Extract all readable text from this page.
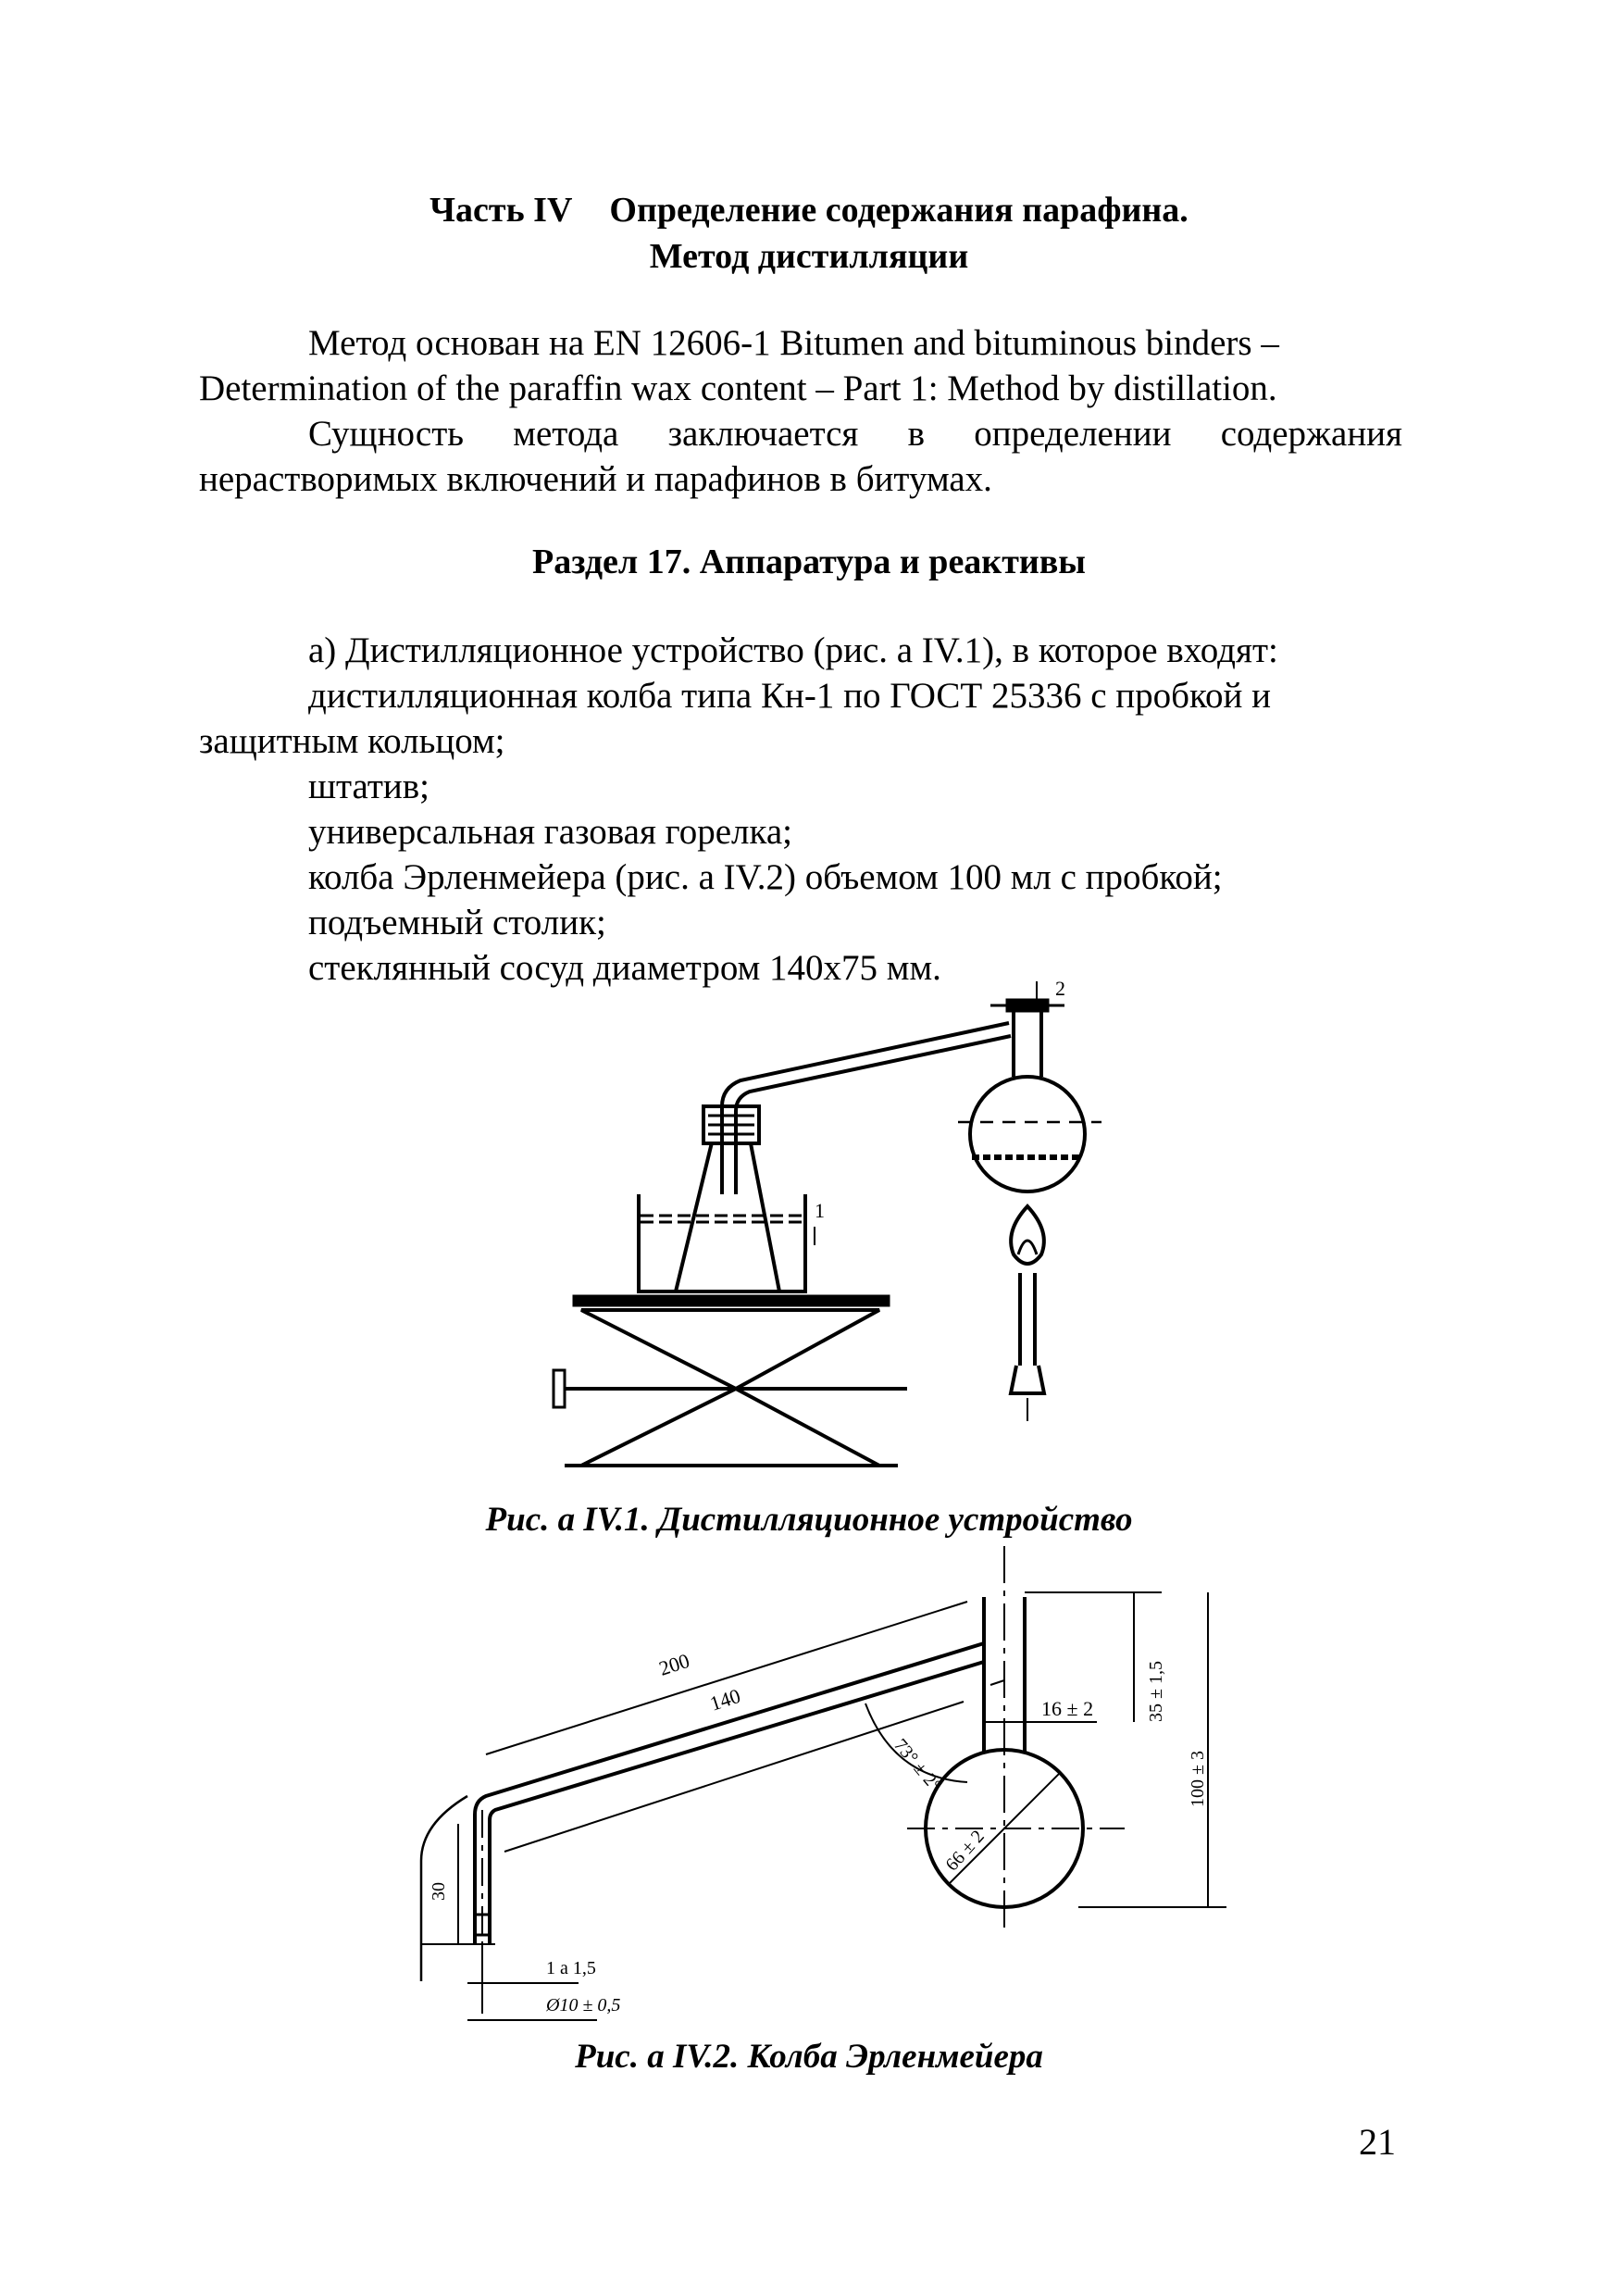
Часть IV Определение содержания парафина.
Метод дистилляции
Метод основан на EN 12606-1 Bitumen and bituminous binders –
Determination of the paraffin wax content – Part 1: Method by distillation.
Сущность метода заключается в определении содержания
нерастворимых включений и парафинов в битумах.
Раздел 17. Аппаратура и реактивы
а) Дистилляционное устройство (рис. а IV.1), в которое входят:
дистилляционная колба типа Кн-1 по ГОСТ 25336 с пробкой и
защитным кольцом;
штатив;
универсальная газовая горелка;
колба Эрленмейера (рис. а IV.2) объемом 100 мл с пробкой;
подъемный столик;
стеклянный сосуд диаметром 140х75 мм.
1
2
Рис. а IV.1. Дистилляционное устройство
200
140	16 ± 2	35 ± 1,5
100 ± 3
73° ± 2°
66 ± 2
30
1 a 1,5
Ø10 ± 0,5
Рис. а IV.2. Колба Эрленмейера
21
